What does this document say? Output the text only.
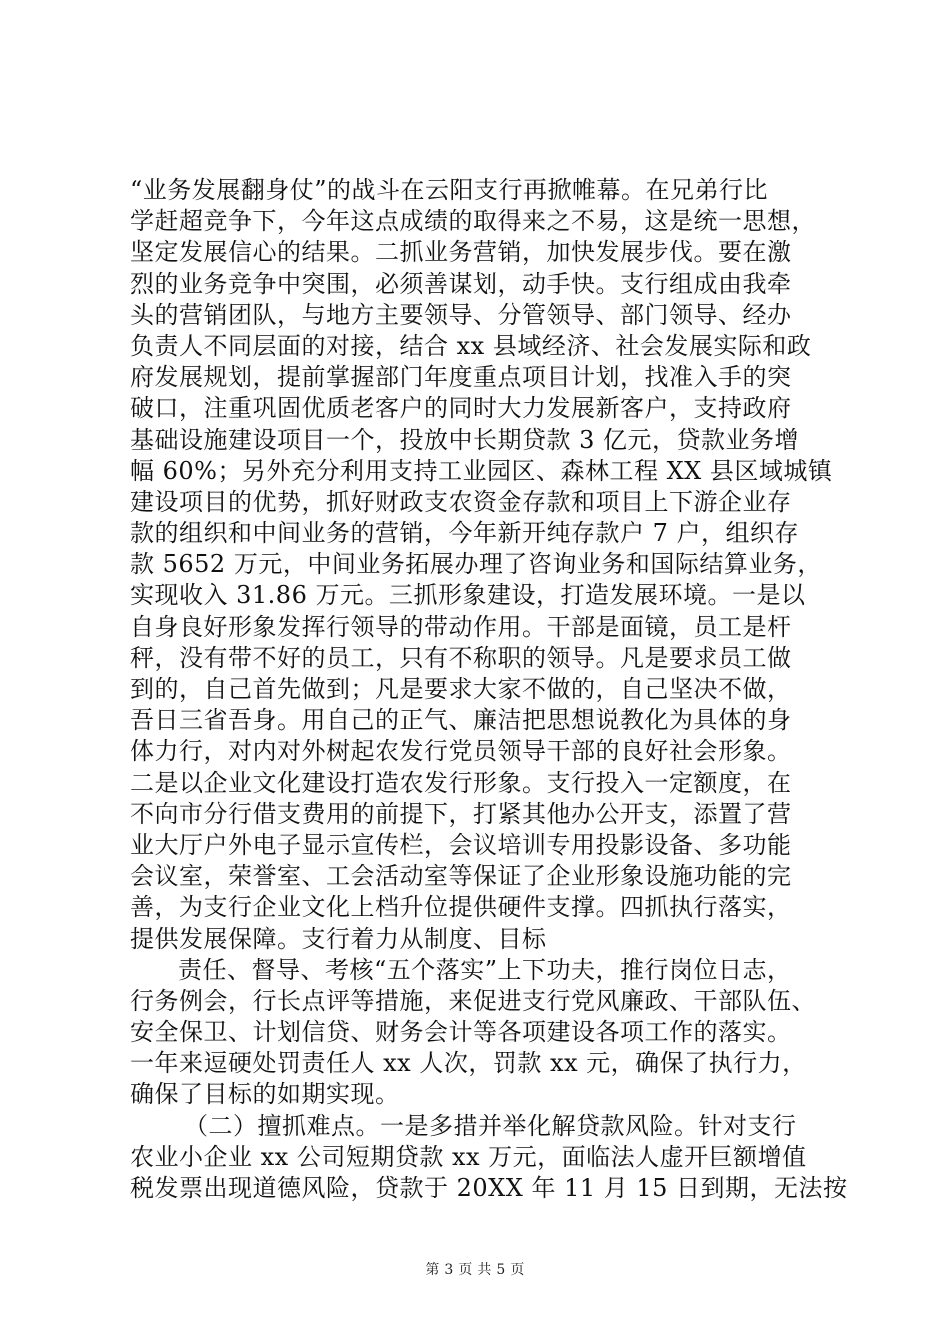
“业务发展翻身仗”的战斗在云阳支行再掀帷幕。在兄弟行比
学赶超竞争下，今年这点成绩的取得来之不易，这是统一思想，
坚定发展信心的结果。二抓业务营销，加快发展步伐。要在激
烈的业务竞争中突围，必须善谋划，动手快。支行组成由我牵
头的营销团队，与地方主要领导、分管领导、部门领导、经办
负责人不同层面的对接，结合 xx 县域经济、社会发展实际和政
府发展规划，提前掌握部门年度重点项目计划，找准入手的突
破口，注重巩固优质老客户的同时大力发展新客户，支持政府
基础设施建设项目一个，投放中长期贷款 3 亿元，贷款业务增
幅 60%；另外充分利用支持工业园区、森林工程 XX 县区域城镇
建设项目的优势，抓好财政支农资金存款和项目上下游企业存
款的组织和中间业务的营销，今年新开纯存款户 7 户，组织存
款 5652 万元，中间业务拓展办理了咨询业务和国际结算业务，
实现收入 31.86 万元。三抓形象建设，打造发展环境。一是以
自身良好形象发挥行领导的带动作用。干部是面镜，员工是杆
秤，没有带不好的员工，只有不称职的领导。凡是要求员工做
到的，自己首先做到；凡是要求大家不做的，自己坚决不做，
吾日三省吾身。用自己的正气、廉洁把思想说教化为具体的身
体力行，对内对外树起农发行党员领导干部的良好社会形象。
二是以企业文化建设打造农发行形象。支行投入一定额度，在
不向市分行借支费用的前提下，打紧其他办公开支，添置了营
业大厅户外电子显示宣传栏，会议培训专用投影设备、多功能
会议室，荣誉室、工会活动室等保证了企业形象设施功能的完
善，为支行企业文化上档升位提供硬件支撑。四抓执行落实，
提供发展保障。支行着力从制度、目标
责任、督导、考核“五个落实”上下功夫，推行岗位日志，
行务例会，行长点评等措施，来促进支行党风廉政、干部队伍、
安全保卫、计划信贷、财务会计等各项建设各项工作的落实。
一年来逗硬处罚责任人 xx 人次，罚款 xx 元，确保了执行力，
确保了目标的如期实现。
（二）擅抓难点。一是多措并举化解贷款风险。针对支行
农业小企业 xx 公司短期贷款 xx 万元，面临法人虚开巨额增值
税发票出现道德风险，贷款于 20XX 年 11 月 15 日到期，无法按
第 3 页 共 5 页
